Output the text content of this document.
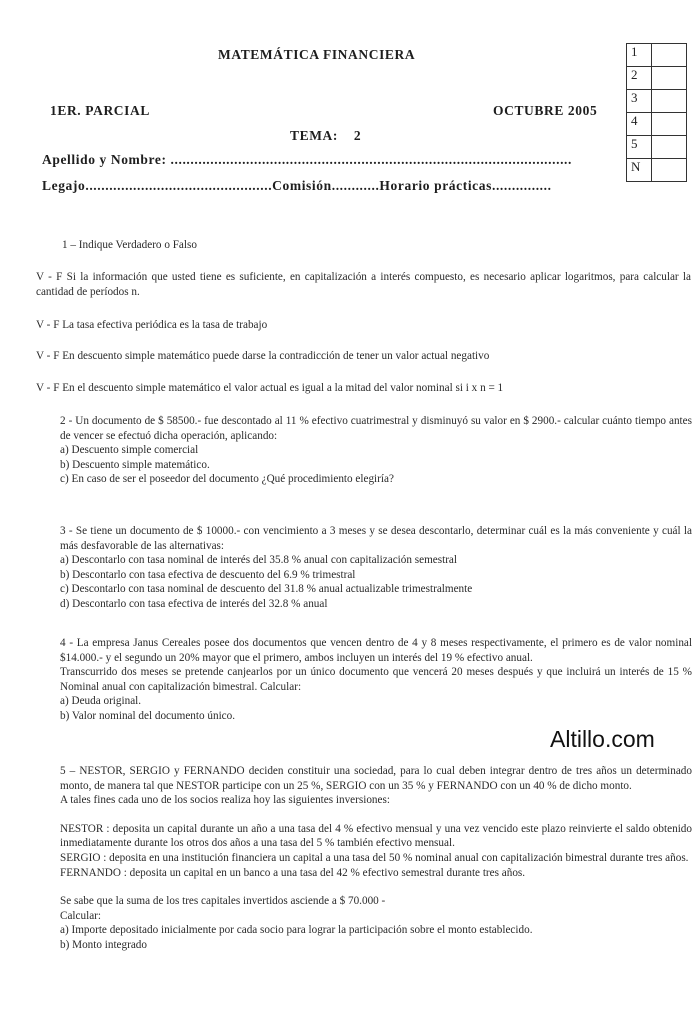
MATEMÁTICA FINANCIERA
1ER. PARCIAL	OCTUBRE 2005
TEMA:    2
Apellido y Nombre: .....................................................................................................
Legajo...............................................Comisión............Horario prácticas...............
1	
2	
3	
4	
5	
N	
1 – Indique Verdadero o Falso

V - F Si la información que usted tiene es suficiente, en capitalización a interés compuesto, es necesario aplicar logaritmos, para calcular la cantidad de períodos n.

V - F La tasa efectiva periódica es la tasa de trabajo

V - F En descuento simple matemático puede darse la contradicción de tener un valor actual negativo

V - F En el descuento simple matemático el valor actual es igual a la mitad del valor nominal si i x n = 1

2 - Un documento de $ 58500.- fue descontado al 11 % efectivo cuatrimestral y disminuyó su valor en $ 2900.- calcular cuánto tiempo antes de vencer se efectuó dicha operación, aplicando:

a) Descuento simple comercial
b) Descuento simple matemático.
c) En caso de ser el poseedor del documento ¿Qué procedimiento elegiría?

3 - Se tiene un documento de $ 10000.- con vencimiento a 3 meses y se desea descontarlo, determinar cuál es la más conveniente y cuál la más desfavorable de las alternativas:

a) Descontarlo con tasa nominal de interés del 35.8 % anual con capitalización semestral
b) Descontarlo con tasa efectiva de descuento del 6.9 % trimestral
c) Descontarlo con tasa nominal de descuento del 31.8 % anual actualizable trimestralmente
d) Descontarlo con tasa efectiva de interés del 32.8 % anual

4 - La empresa Janus Cereales posee dos documentos que vencen dentro de 4 y 8 meses respectivamente, el primero es de valor nominal $14.000.- y el segundo un 20% mayor que el primero, ambos incluyen un interés del 19 % efectivo anual.

Transcurrido dos meses se pretende canjearlos por un único documento que vencerá 20 meses después y que incluirá un interés de 15 % Nominal anual con capitalización bimestral. Calcular:

a) Deuda original.
b) Valor nominal del documento único.

5 – NESTOR, SERGIO y FERNANDO deciden constituir una sociedad, para lo cual deben integrar dentro de tres años un determinado monto, de manera tal que NESTOR participe con un 25 %, SERGIO con un 35 % y FERNANDO con un 40 % de dicho monto.

A tales fines cada uno de los socios realiza hoy las siguientes inversiones:

NESTOR : deposita un capital durante un año a una tasa del 4 % efectivo mensual y una vez vencido este plazo reinvierte el saldo obtenido inmediatamente durante los otros dos años a una tasa del 5 % también efectivo mensual.

SERGIO : deposita en una institución financiera un capital a una tasa del 50 % nominal anual con capitalización bimestral durante tres años.

FERNANDO : deposita un capital en un banco a una tasa del 42 % efectivo semestral durante tres años.

Se sabe que la suma de los tres capitales invertidos asciende a $ 70.000 -

Calcular:
a) Importe depositado inicialmente por cada socio para lograr la participación sobre el monto establecido.
b) Monto integrado
Altillo.com
